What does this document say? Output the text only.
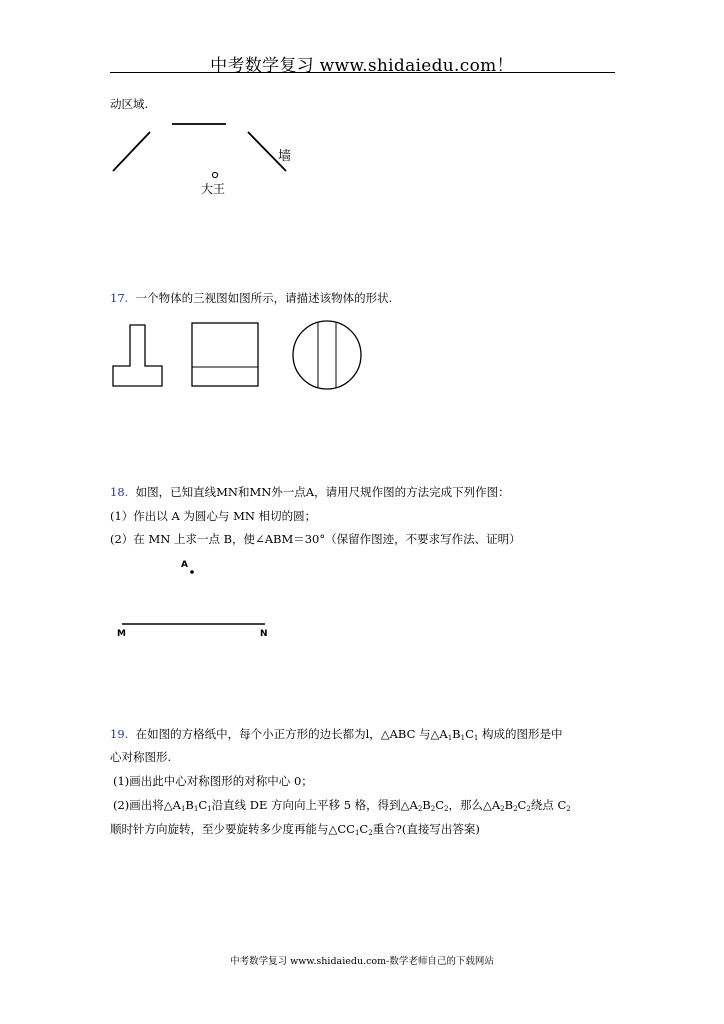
中考数学复习 www.shidaiedu.com！
动区域.
墙
大王
17. 一个物体的三视图如图所示，请描述该物体的形状.
18. 如图，已知直线MN和MN外一点A，请用尺规作图的方法完成下列作图：
(1）作出以 A 为圆心与 MN 相切的圆；
(2）在 MN 上求一点 B，使∠ABM＝30°（保留作图迹，不要求写作法、证明）
A
M	N
19. 在如图的方格纸中，每个小正方形的边长都为l，△ABC 与$\triangle A_1B_1C_1$ 构成的图形是中
心对称图形.
(1)画出此中心对称图形的对称中心 0；
(2)画出将$\triangle A_1B_1C_1$沿直线 DE 方向向上平移 5 格，得到$\triangle A_2B_2C_2$，那么$\triangle A_2B_2C_2$绕点 $C_2$
顺时针方向旋转，至少要旋转多少度再能与$\triangle CC_1C_2$重合?(直接写出答案)
中考数学复习 www.shidaiedu.com-数学老师自己的下载网站
